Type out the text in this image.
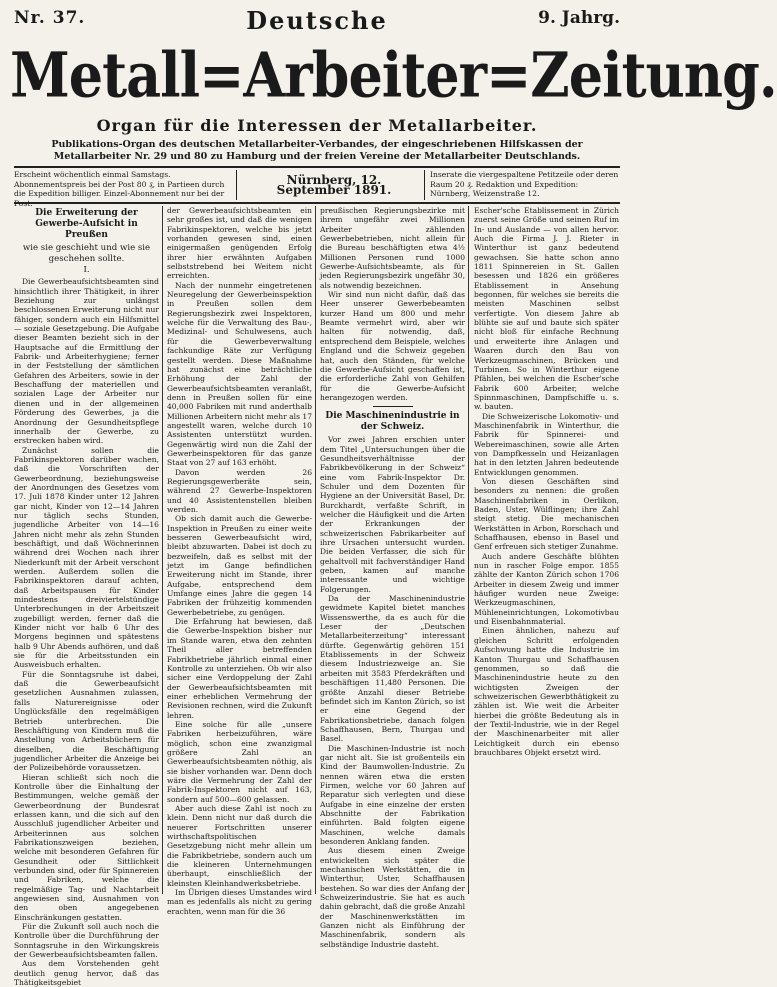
Nr. 37.	Deutsche	9. Jahrg.
Metall=Arbeiter=Zeitung.
Organ für die Interessen der Metallarbeiter.
Publikations-Organ des deutschen Metallarbeiter-Verbandes, der eingeschriebenen Hilfskassen der Metallarbeiter Nr. 29 und 80 zu Hamburg und der freien Vereine der Metallarbeiter Deutschlands.
Erscheint wöchentlich einmal Samstags. Abonnementspreis bei der Post 80 ₰, in Partieen durch die Expedition billiger. Einzel-Abonnement nur bei der Post.
Nürnberg, 12. September 1891.
Inserate die viergespaltene Petitzeile oder deren Raum 20 ₰. Redaktion und Expedition: Nürnberg, Weizenstraße 12.

Die Erweiterung der Gewerbe-Aufsicht in Preußen

wie sie geschieht und wie sie geschehen sollte.

I.

Die Gewerbeaufsichtsbeamten sind hinsichtlich ihrer Thätigkeit, in ihrer Beziehung zur unlängst beschlossenen Erweiterung nicht nur fähiger, sondern auch ein Hilfsmittel — soziale Gesetzgebung. Die Aufgabe dieser Beamten bezieht sich in der Hauptsache auf die Ermittlung der Fabrik- und Arbeiterhygiene; ferner in der Feststellung der sämtlichen Gefahren des Arbeiters, sowie in der Beschaffung der materiellen und sozialen Lage der Arbeiter nur dienen und in der allgemeinen Förderung des Gewerbes, ja die Anordnung der Gesundheitspflege innerhalb der Gewerbe, zu erstrecken haben wird.

Zunächst sollen die Fabrikinspektoren darüber wachen, daß die Vorschriften der Gewerbeordnung, beziehungsweise der Anordnungen des Gesetzes vom 17. Juli 1878 Kinder unter 12 Jahren gar nicht, Kinder von 12—14 Jahren nur täglich sechs Stunden, jugendliche Arbeiter von 14—16 Jahren nicht mehr als zehn Stunden beschäftigt, und daß Wöchnerinnen während drei Wochen nach ihrer Niederkunft mit der Arbeit verschont werden. Außerdem sollen die Fabrikinspektoren darauf achten, daß Arbeitspausen für Kinder mindestens dreiviertelstündige Unterbrechungen in der Arbeitszeit zugebilligt werden, ferner daß die Kinder nicht vor halb 6 Uhr des Morgens beginnen und spätestens halb 9 Uhr Abends aufhören, und daß sie für die Arbeitsstunden ein Ausweisbuch erhalten.

Für die Sonntagsruhe ist dabei, daß die Gewerbeaufsicht gesetzlichen Ausnahmen zulassen, falls Naturereignisse oder Unglücksfälle den regelmäßigen Betrieb unterbrechen. Die Beschäftigung von Kindern muß die Anstellung von Arbeitsbüchern für dieselben, die Beschäftigung jugendlicher Arbeiter die Anzeige bei der Polizeibehörde voraussetzen.

Hieran schließt sich noch die Kontrolle über die Einhaltung der Bestimmungen, welche gemäß der Gewerbeordnung der Bundesrat erlassen kann, und die sich auf den Ausschluß jugendlicher Arbeiter und Arbeiterinnen aus solchen Fabrikationszweigen beziehen, welche mit besonderen Gefahren für Gesundheit oder Sittlichkeit verbunden sind, oder für Spinnereien und Fabriken, welche die regelmäßige Tag- und Nachtarbeit angewiesen sind, Ausnahmen von den oben angegebenen Einschränkungen gestatten.

Für die Zukunft soll auch noch die Kontrolle über die Durchführung der Sonntagsruhe in den Wirkungskreis der Gewerbeaufsichtsbeamten fallen.

Aus dem Vorstehenden geht deutlich genug hervor, daß das Thätigkeitsgebiet

der Gewerbeaufsichtsbeamten ein sehr großes ist, und daß die wenigen Fabrikinspektoren, welche bis jetzt vorhanden gewesen sind, einen einigermaßen genügenden Erfolg ihrer hier erwähnten Aufgaben selbststrebend bei Weitem nicht erreichten.

Nach der nunmehr eingetretenen Neuregelung der Gewerbeinspektion in Preußen sollen dem Regierungsbezirk zwei Inspektoren, welche für die Verwaltung des Bau-, Medizinal- und Schulwesens, auch für die Gewerbeverwaltung fachkundige Räte zur Verfügung gestellt werden. Diese Maßnahme hat zunächst eine beträchtliche Erhöhung der Zahl der Gewerbeaufsichtsbeamten veranlaßt, denn in Preußen sollen für eine 40,000 Fabriken mit rund anderthalb Millionen Arbeitern nicht mehr als 17 angestellt waren, welche durch 10 Assistenten unterstützt wurden. Gegenwärtig wird nun die Zahl der Gewerbeinspektoren für das ganze Staat von 27 auf 163 erhöht.

Davon werden 26 Regierungsgewerberäte sein, während 27 Gewerbe-Inspektoren und 40 Assistentenstellen bleiben werden.

Ob sich damit auch die Gewerbe-Inspektion in Preußen zu einer weite besseren Gewerbeaufsicht wird, bleibt abzuwarten. Dabei ist doch zu bezweifeln, daß es selbst mit der jetzt im Gange befindlichen Erweiterung nicht im Stande, ihrer Aufgabe, entsprechend dem Umfange eines Jahre die gegen 14 Fabriken der frühzeitig kommenden Gewerbebetriebe, zu genügen.

Die Erfahrung hat bewiesen, daß die Gewerbe-Inspektion bisher nur im Stande waren, etwa den zehnten Theil aller betreffenden Fabrikbetriebe jährlich einmal einer Kontrolle zu unterziehen. Ob wir also sicher eine Verdoppelung der Zahl der Gewerbeaufsichtsbeamten mit einer erheblichen Vermehrung der Revisionen rechnen, wird die Zukunft lehren.

Eine solche für alle „unsere Fabriken herbeizuführen, wäre möglich, schon eine zwanzigmal größere Zahl an Gewerbeaufsichtsbeamten nöthig, als sie bisher vorhanden war. Denn doch wäre die Vermehrung der Zahl der Fabrik-Inspektoren nicht auf 163, sondern auf 500—600 gelassen.

Aber auch diese Zahl ist noch zu klein. Denn nicht nur daß durch die neuerer Fortschritten unserer wirthschaftspolitischen Gesetzgebung nicht mehr allein um die Fabrikbetriebe, sondern auch um die kleineren Unternehmungen überhaupt, einschließlich der kleinsten Kleinhandwerksbetriebe.

Im Übrigen dieses Umstandes wird man es jedenfalls als nicht zu gering erachten, wenn man für die 36

preußischen Regierungsbezirke mit ihrem ungefähr zwei Millionen Arbeiter zählenden Gewerbebetrieben, nicht allein für die Bureau beschäftigten etwa 4½ Millionen Personen rund 1000 Gewerbe-Aufsichtsbeamte, als für jeden Regierungsbezirk ungefähr 30, als notwendig bezeichnen.

Wir sind nun nicht dafür, daß das Heer unserer Gewerbebeamten kurzer Hand um 800 und mehr Beamte vermehrt wird, aber wir halten für notwendig, daß, entsprechend dem Beispiele, welches England und die Schweiz gegeben hat, auch den Ständen, für welche die Gewerbe-Aufsicht geschaffen ist, die erforderliche Zahl von Gehilfen für die Gewerbe-Aufsicht herangezogen werden.

Die Maschinenindustrie in der Schweiz.

Vor zwei Jahren erschien unter dem Titel „Untersuchungen über die Gesundheitsverhältnisse der Fabrikbevölkerung in der Schweiz“ eine vom Fabrik-Inspektor Dr. Schuler und dem Dozenten für Hygiene an der Universität Basel, Dr. Burckhardt, verfaßte Schrift, in welcher die Häufigkeit und die Arten der Erkrankungen der schweizerischen Fabrikarbeiter auf ihre Ursachen untersucht wurden. Die beiden Verfasser, die sich für gehaltvoll mit fachverständiger Hand geben, kamen auf manche interessante und wichtige Folgerungen.

Da der Maschinenindustrie gewidmete Kapitel bietet manches Wissenswerthe, da es auch für die Leser der „Deutschen Metallarbeiterzeitung“ interessant dürfte. Gegenwärtig gehören 151 Etablissements in der Schweiz diesem Industriezweige an. Sie arbeiten mit 3583 Pferdekräften und beschäftigen 11,480 Personen. Die größte Anzahl dieser Betriebe befindet sich im Kanton Zürich, so ist er eine Gegend der Fabrikationsbetriebe, danach folgen Schaffhausen, Bern, Thurgau und Basel.

Die Maschinen-Industrie ist noch gar nicht alt. Sie ist großenteils ein Kind der Baumwollen-Industrie. Zu nennen wären etwa die ersten Firmen, welche vor 60 Jahren auf Reparatur sich verlegten und diese Aufgabe in eine einzelne der ersten Abschnitte der Fabrikation einführten. Bald folgten eigene Maschinen, welche damals besonderen Anklang fanden.

Aus diesem einen Zweige entwickelten sich später die mechanischen Werkstätten, die in Winterthur, Uster, Schaffhausen bestehen. So war dies der Anfang der Schweizerindustrie. Sie hat es auch dahin gebracht, daß die große Anzahl der Maschinenwerkstätten im Ganzen nicht als Einführung der Maschinenfabrik, sondern als selbständige Industrie dasteht.

Escher'sche Etablissement in Zürich zuerst seine Größe und seinen Ruf im In- und Auslande — von allen hervor. Auch die Firma J. J. Rieter in Winterthur ist ganz bedeutend gewachsen. Sie hatte schon anno 1811 Spinnereien in St. Gallen besessen und 1826 ein größeres Etablissement in Ansehung begonnen, für welches sie bereits die meisten Maschinen selbst verfertigte. Von diesem Jahre ab blühte sie auf und baute sich später nicht bloß für einfache Rechnung und erweiterte ihre Anlagen und Waaren durch den Bau von Werkzeugmaschinen, Brücken und Turbinen. So in Winterthur eigene Pfählen, bei welchen die Escher'sche Fabrik 600 Arbeiter, welche Spinnmaschinen, Dampfschiffe u. s. w. bauten.

Die Schweizerische Lokomotiv- und Maschinenfabrik in Winterthur, die Fabrik für Spinnerei- und Webereimaschinen, sowie alle Arten von Dampfkesseln und Heizanlagen hat in den letzten Jahren bedeutende Entwicklungen genommen.

Von diesen Geschäften sind besonders zu nennen: die großen Maschinenfabriken in Oerlikon, Baden, Uster, Wülflingen; ihre Zahl steigt stetig. Die mechanischen Werkstätten in Arbon, Rorschach und Schaffhausen, ebenso in Basel und Genf erfreuen sich stetiger Zunahme.

Auch andere Geschäfte blühten nun in rascher Folge empor. 1855 zählte der Kanton Zürich schon 1706 Arbeiter in diesem Zweig und immer häufiger wurden neue Zweige: Werkzeugmaschinen, Mühleneinrichtungen, Lokomotivbau und Eisenbahnmaterial.

Einen ähnlichen, nahezu auf gleichen Schritt erfolgenden Aufschwung hatte die Industrie im Kanton Thurgau und Schaffhausen genommen, so daß die Maschinenindustrie heute zu den wichtigsten Zweigen der schweizerischen Gewerbthätigkeit zu zählen ist. Wie weit die Arbeiter hierbei die größte Bedeutung als in der Textil-Industrie, wie in der Regel der Maschinenarbeiter mit aller Leichtigkeit durch ein ebenso brauchbares Objekt ersetzt wird.
